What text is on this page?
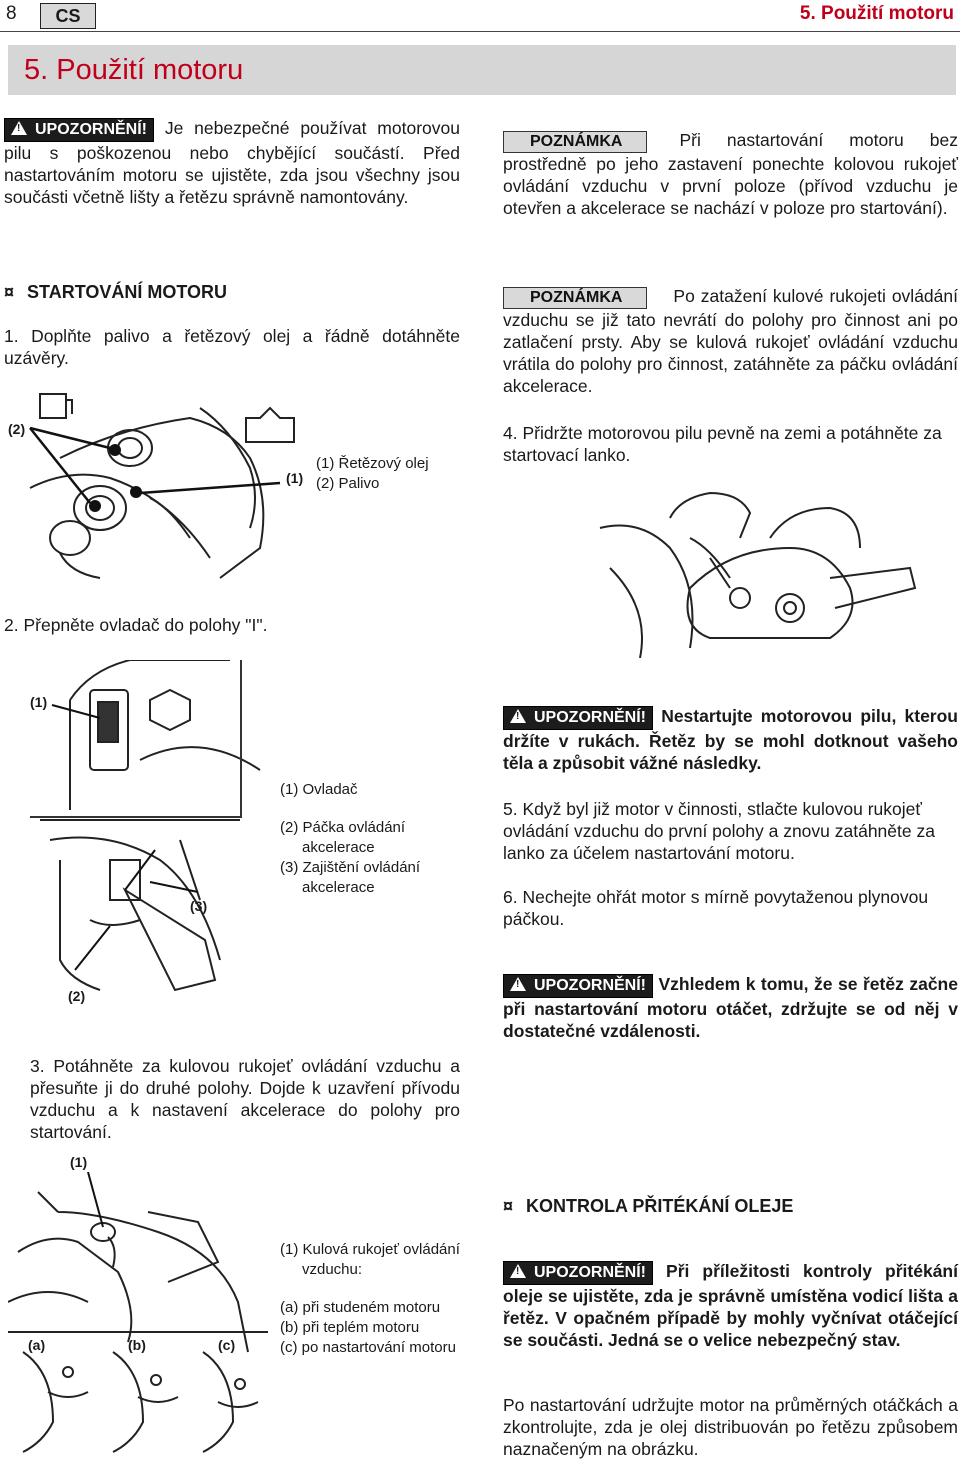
8	CS	5. Použití motoru
5. Použití motoru
!UPOZORNĚNÍ! Je nebezpečné používat motorovou pilu s poškozenou nebo chybějící součástí. Před nastartováním motoru se ujistěte, zda jsou všechny jsou součásti včetně lišty a řetězu správně namontovány.
¤ STARTOVÁNÍ MOTORU
1. Doplňte palivo a řetězový olej a řádně dotáhněte uzávěry.
(2)
(1)
(1) Řetězový olej
(2) Palivo
2. Přepněte ovladač do polohy "I".
(1)
(3)
(2)
(1) Ovladač
(2) Páčka ovládání akcelerace
(3) Zajištění ovládání akcelerace
3. Potáhněte za kulovou rukojeť ovládání vzduchu a přesuňte ji do druhé polohy. Dojde k uzavření přívodu vzduchu a k nastavení akcelerace do polohy pro startování.
(1)
(a)	(b)	(c)
(1) Kulová rukojeť ovládání vzduchu:
(a) při studeném motoru
(b) při teplém motoru
(c) po nastartování motoru
POZNÁMKA	Při nastartování motoru bez prostředně po jeho zastavení ponechte kolovou rukojeť ovládání vzduchu v první poloze (přívod vzduchu je otevřen a akcelerace se nachází v poloze pro startování).
POZNÁMKA	Po zatažení kulové rukojeti ovládání vzduchu se již tato nevrátí do polohy pro činnost ani po zatlačení prsty. Aby se kulová rukojeť ovládání vzduchu vrátila do polohy pro činnost, zatáhněte za páčku ovládání akcelerace.
4. Přidržte motorovou pilu pevně na zemi a potáhněte za startovací lanko.
!UPOZORNĚNÍ! Nestartujte motorovou pilu, kterou držíte v rukách. Řetěz by se mohl dotknout vašeho těla a způsobit vážné následky.
5. Když byl již motor v činnosti, stlačte kulovou rukojeť ovládání vzduchu do první polohy a znovu zatáhněte za lanko za účelem nastartování motoru.
6. Nechejte ohřát motor s mírně povytaženou plynovou páčkou.
!UPOZORNĚNÍ! Vzhledem k tomu, že se řetěz začne při nastartování motoru otáčet, zdržujte se od něj v dostatečné vzdálenosti.
¤ KONTROLA PŘITÉKÁNÍ OLEJE
!UPOZORNĚNÍ! Při příležitosti kontroly přitékání oleje se ujistěte, zda je správně umístěna vodicí lišta a řetěz. V opačném případě by mohly vyčnívat otáčející se součásti. Jedná se o velice nebezpečný stav.
Po nastartování udržujte motor na průměrných otáčkách a zkontrolujte, zda je olej distribuován po řetězu způsobem naznačeným na obrázku.
